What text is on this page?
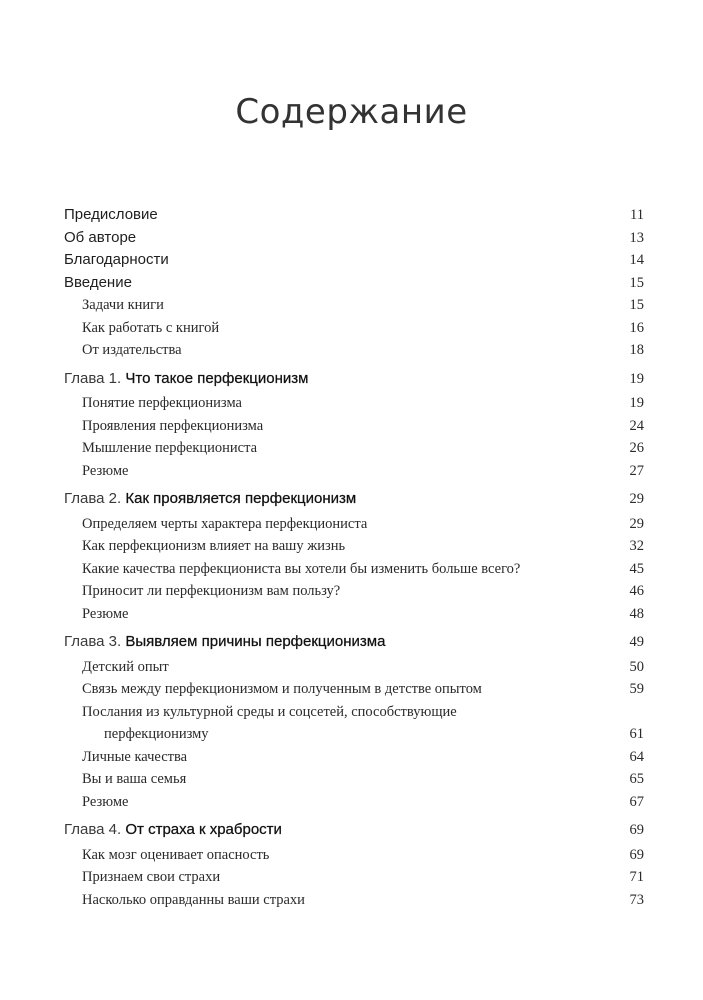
Содержание
Предисловие	11
Об авторе	13
Благодарности	14
Введение	15
Задачи книги	15
Как работать с книгой	16
От издательства	18
Глава 1. Что такое перфекционизм	19
Понятие перфекционизма	19
Проявления перфекционизма	24
Мышление перфекциониста	26
Резюме	27
Глава 2. Как проявляется перфекционизм	29
Определяем черты характера перфекциониста	29
Как перфекционизм влияет на вашу жизнь	32
Какие качества перфекциониста вы хотели бы изменить больше всего?	45
Приносит ли перфекционизм вам пользу?	46
Резюме	48
Глава 3. Выявляем причины перфекционизма	49
Детский опыт	50
Связь между перфекционизмом и полученным в детстве опытом	59
Послания из культурной среды и соцсетей, способствующие
перфекционизму	61
Личные качества	64
Вы и ваша семья	65
Резюме	67
Глава 4. От страха к храбрости	69
Как мозг оценивает опасность	69
Признаем свои страхи	71
Насколько оправданны ваши страхи	73
